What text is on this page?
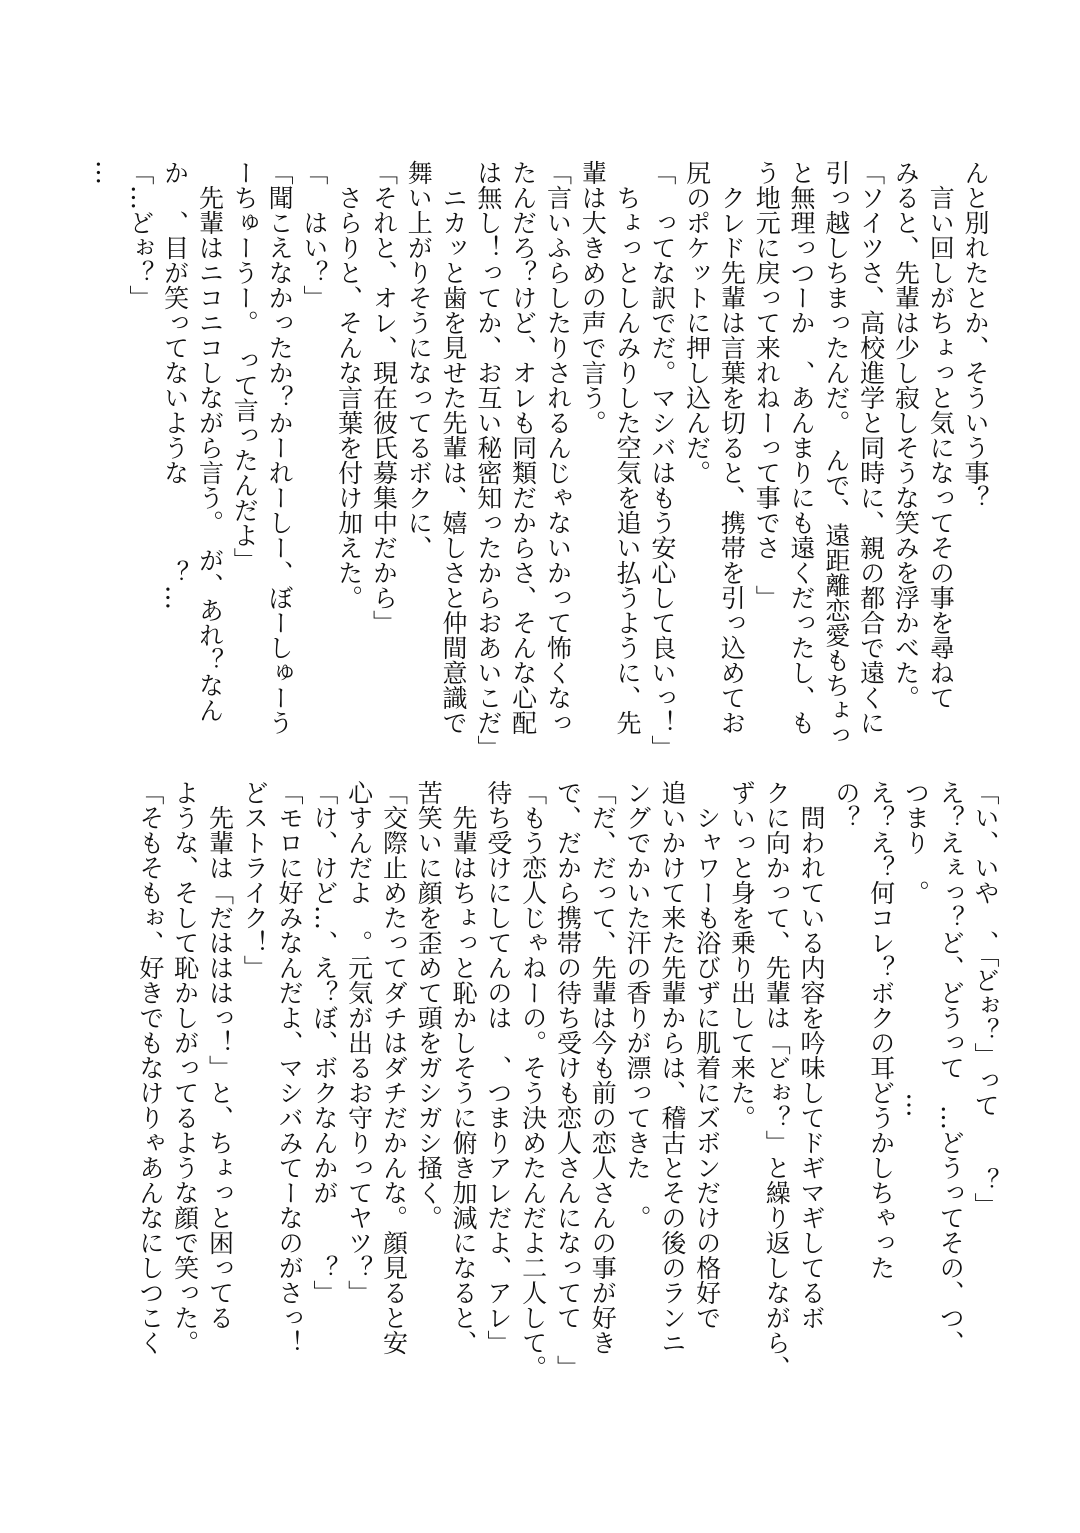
んと別れたとか、そういう事？
　言い回しがちょっと気になってその事を尋ねて
みると、先輩は少し寂しそうな笑みを浮かべた。
「ソイツさ、高校進学と同時に、親の都合で遠くに
引っ越しちまったんだ。　んで、遠距離恋愛もちょっ
と無理っつーか　、あんまりにも遠くだったし、も
う地元に戻って来れねーって事でさ　」
　クレド先輩は言葉を切ると、携帯を引っ込めてお
尻のポケットに押し込んだ。
「　ってな訳でだ。マシバはもう安心して良いっ！」
　ちょっとしんみりした空気を追い払うように、先
輩は大きめの声で言う。
「言いふらしたりされるんじゃないかって怖くなっ
たんだろ？けど、オレも同類だからさ、そんな心配
は無し！ってか、お互い秘密知ったからおあいこだ」
　ニカッと歯を見せた先輩は、嬉しさと仲間意識で
舞い上がりそうになってるボクに、
「それと、オレ、現在彼氏募集中だから」
　さらりと、そんな言葉を付け加えた。
「　はい？」
「聞こえなかったか？かーれーしー、ぼーしゅーう
ーちゅーうー。　って言ったんだよ」
　先輩はニコニコしながら言う。　が、あれ？なん
か　、目が笑ってないような　　　？…
「…どぉ？」
…
「い、いや　、「どぉ？」って　　？」
え？えぇっ？ど、どうって　…どうってその、つ、
つまり　。　　　　　　　　…
え？え？何コレ？ボクの耳どうかしちゃった
の？
　問われている内容を吟味してドギマギしてるボ
クに向かって、先輩は「どぉ？」と繰り返しながら、
ずいっと身を乗り出して来た。
　シャワーも浴びずに肌着にズボンだけの格好で
追いかけて来た先輩からは、稽古とその後のランニ
ングでかいた汗の香りが漂ってきた　。
「だ、だって、先輩は今も前の恋人さんの事が好き
で、だから携帯の待ち受けも恋人さんになってて　」
「もう恋人じゃねーの。そう決めたんだよ二人して。
待ち受けにしてんのは　、つまりアレだよ、アレ」
　先輩はちょっと恥かしそうに俯き加減になると、
苦笑いに顔を歪めて頭をガシガシ掻く。
「交際止めたってダチはダチだかんな。顔見ると安
心すんだよ　。元気が出るお守りってヤツ？」
「け、けど…、え？ぼ、ボクなんかが　　？」
「モロに好みなんだよ、マシバみてーなのがさっ！
どストライク！」
　先輩は「だはははっ！」と、ちょっと困ってる
ような、そして恥かしがってるような顔で笑った。
「そもそもぉ、好きでもなけりゃあんなにしつこく
